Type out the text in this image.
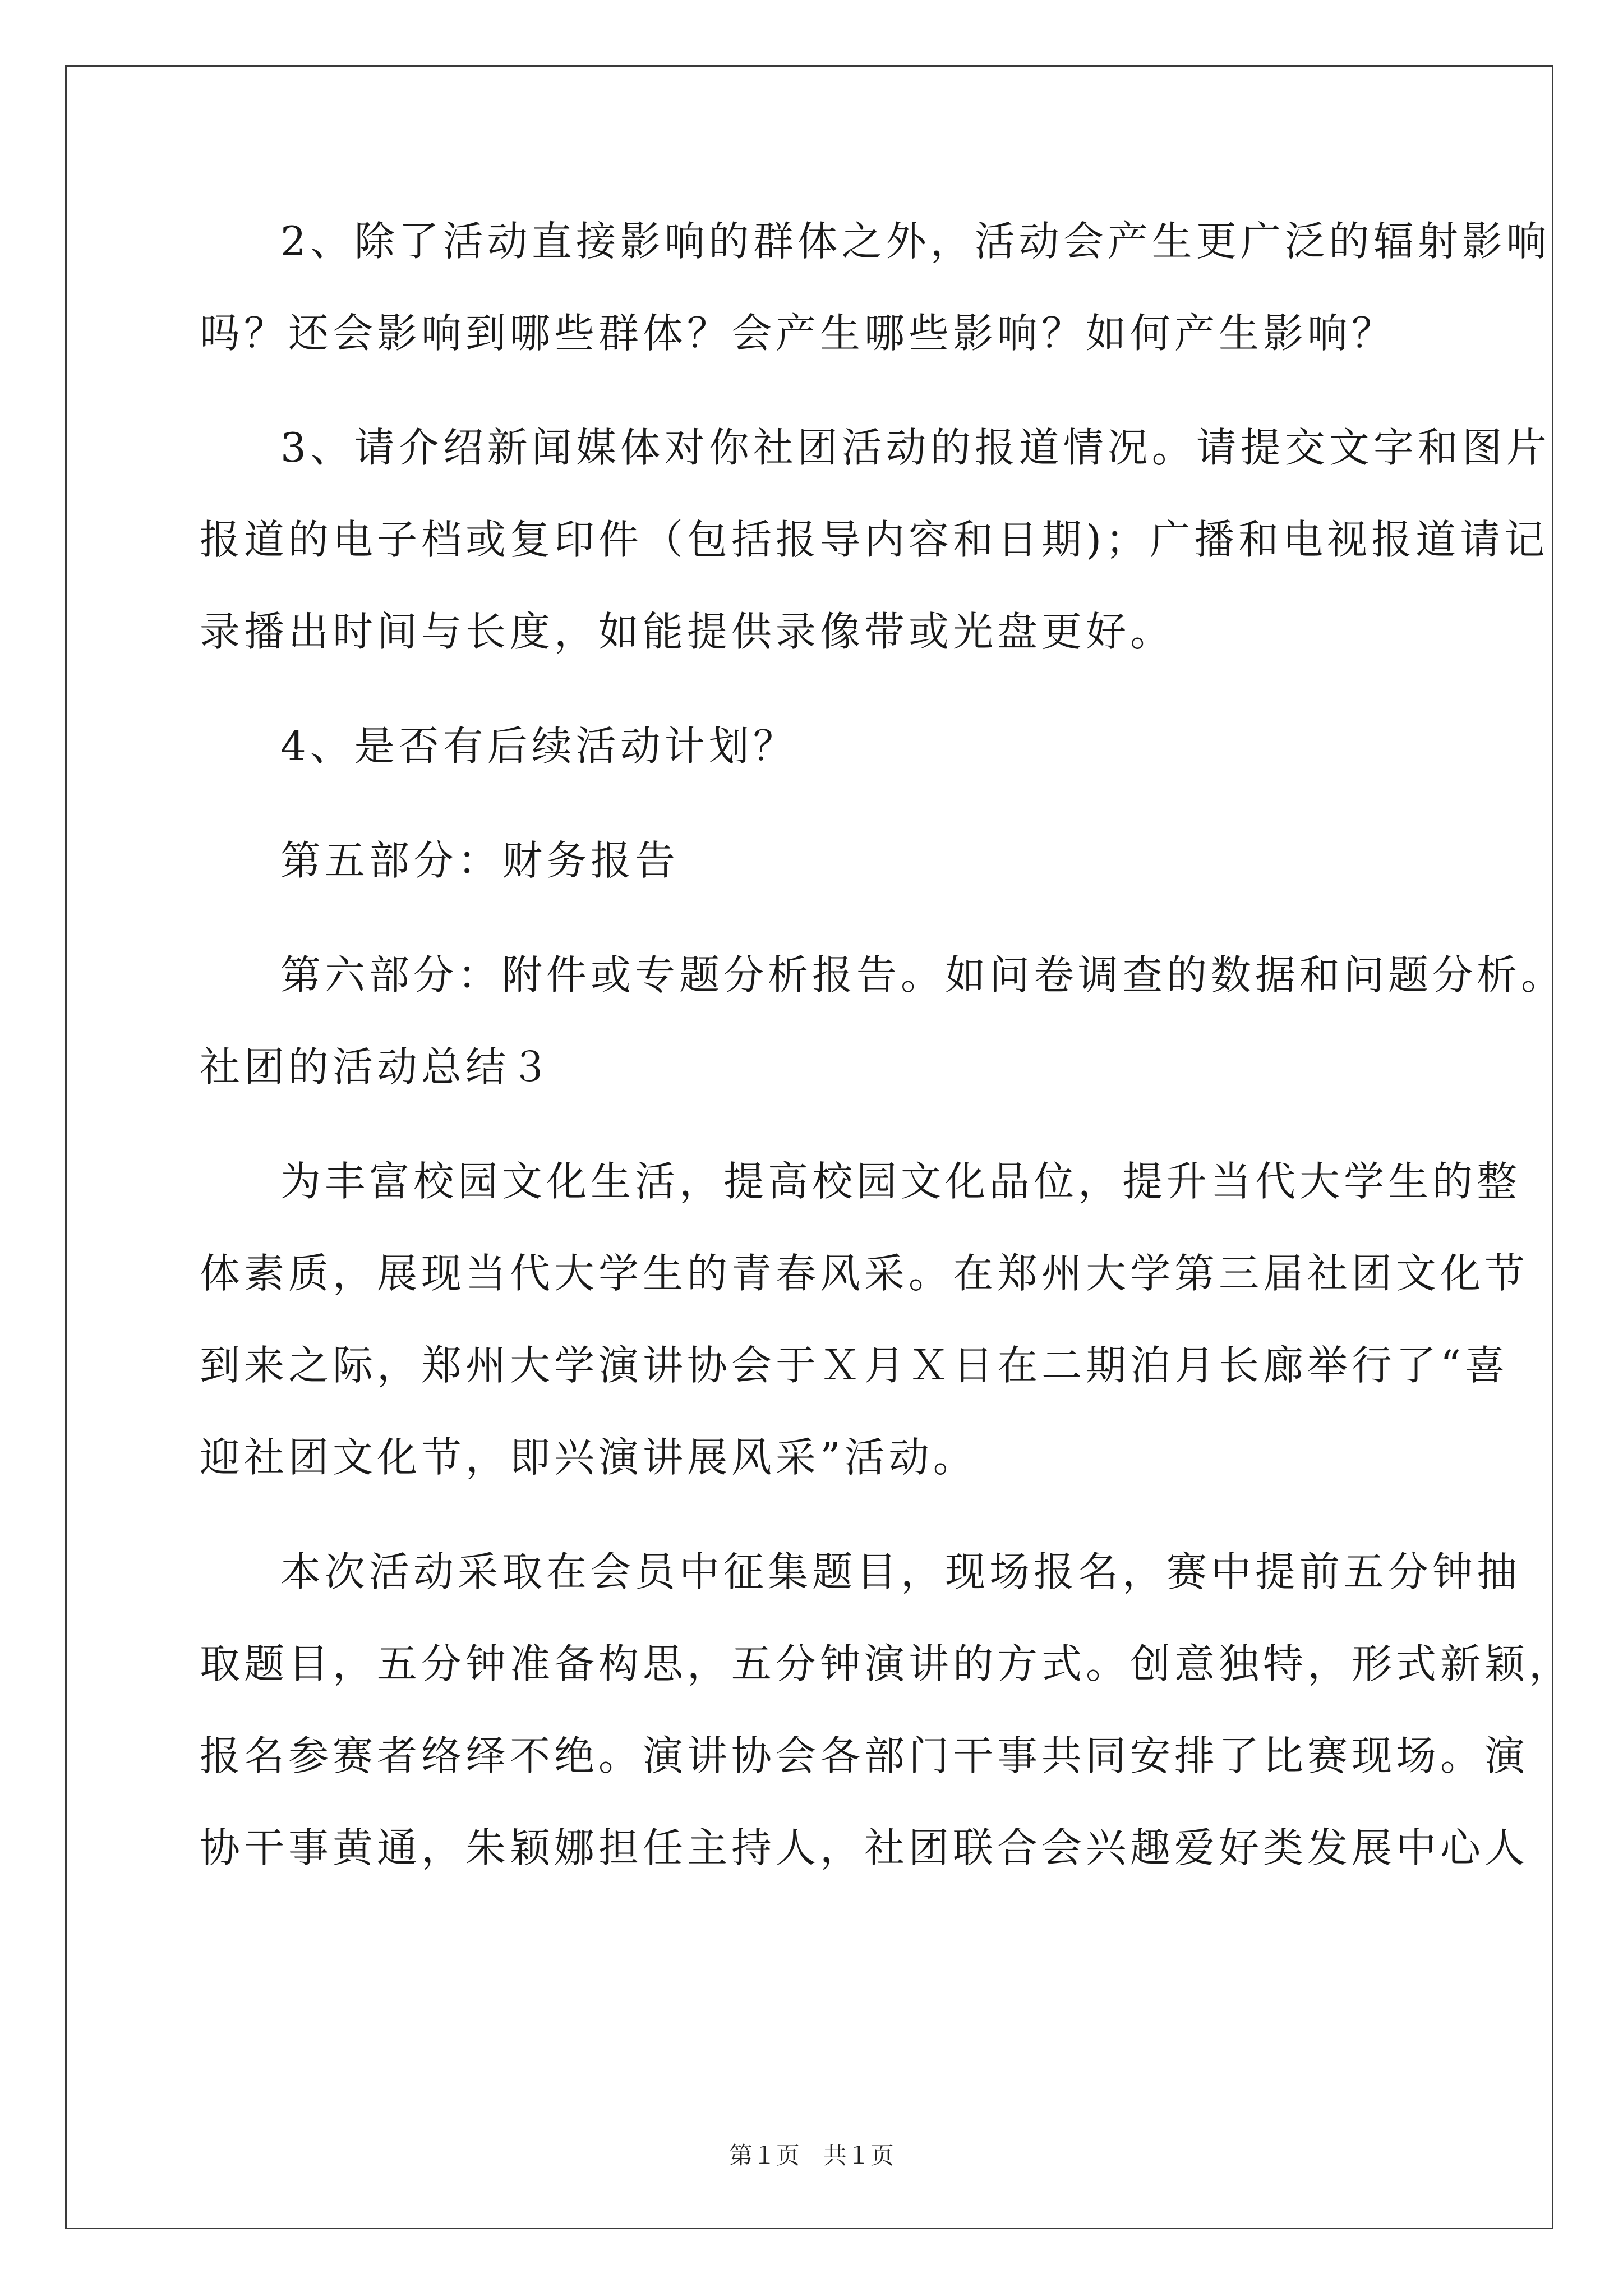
2、除了活动直接影响的群体之外，活动会产生更广泛的辐射影响
吗？还会影响到哪些群体？会产生哪些影响？如何产生影响？
3、请介绍新闻媒体对你社团活动的报道情况。请提交文字和图片
报道的电子档或复印件（包括报导内容和日期)；广播和电视报道请记
录播出时间与长度，如能提供录像带或光盘更好。
4、是否有后续活动计划？
第五部分：财务报告
第六部分：附件或专题分析报告。如问卷调查的数据和问题分析。
社团的活动总结３
为丰富校园文化生活，提高校园文化品位，提升当代大学生的整
体素质，展现当代大学生的青春风采。在郑州大学第三届社团文化节
到来之际，郑州大学演讲协会于Ｘ月Ｘ日在二期泊月长廊举行了“喜
迎社团文化节，即兴演讲展风采”活动。
本次活动采取在会员中征集题目，现场报名，赛中提前五分钟抽
取题目，五分钟准备构思，五分钟演讲的方式。创意独特，形式新颖，
报名参赛者络绎不绝。演讲协会各部门干事共同安排了比赛现场。演
协干事黄通，朱颖娜担任主持人，社团联合会兴趣爱好类发展中心人
第１页　共１页
